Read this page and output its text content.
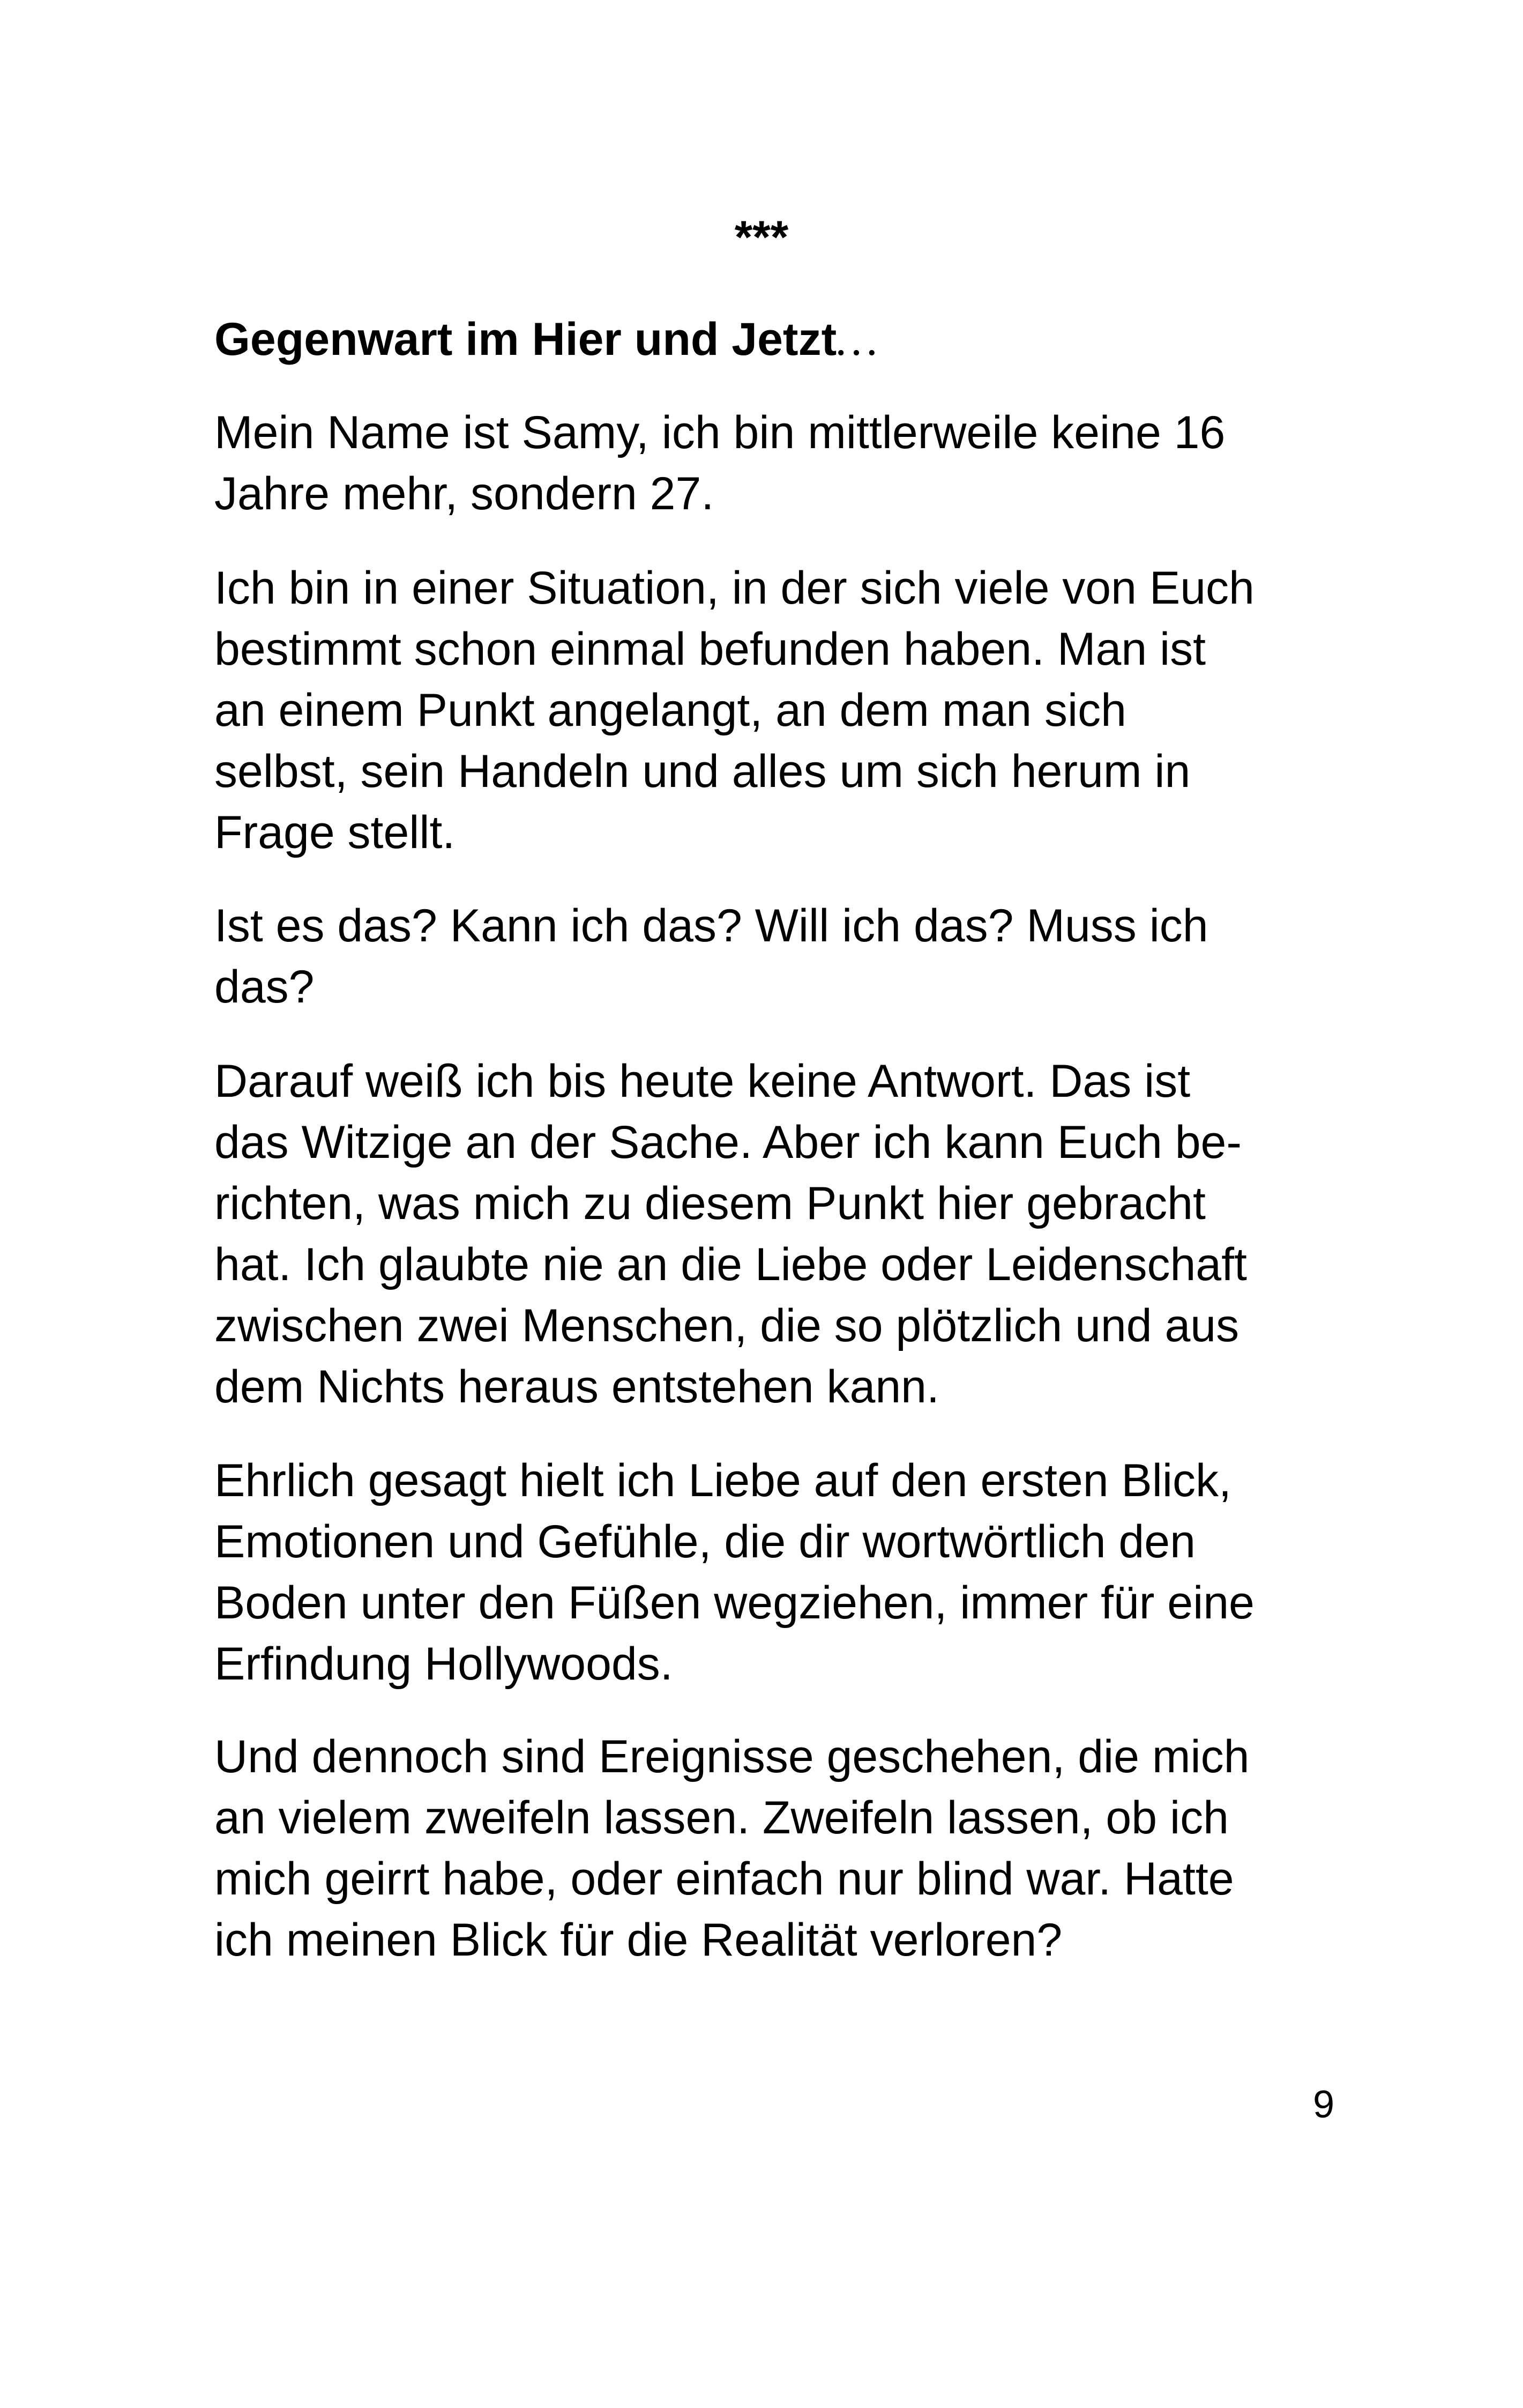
***
Gegenwart im Hier und Jetzt…
Mein Name ist Samy, ich bin mittlerweile keine 16
Jahre mehr, sondern 27.
Ich bin in einer Situation, in der sich viele von Euch
bestimmt schon einmal befunden haben. Man ist
an einem Punkt angelangt, an dem man sich
selbst, sein Handeln und alles um sich herum in
Frage stellt.
Ist es das? Kann ich das? Will ich das? Muss ich
das?
Darauf weiß ich bis heute keine Antwort. Das ist
das Witzige an der Sache. Aber ich kann Euch be-
richten, was mich zu diesem Punkt hier gebracht
hat. Ich glaubte nie an die Liebe oder Leidenschaft
zwischen zwei Menschen, die so plötzlich und aus
dem Nichts heraus entstehen kann.
Ehrlich gesagt hielt ich Liebe auf den ersten Blick,
Emotionen und Gefühle, die dir wortwörtlich den
Boden unter den Füßen wegziehen, immer für eine
Erfindung Hollywoods.
Und dennoch sind Ereignisse geschehen, die mich
an vielem zweifeln lassen. Zweifeln lassen, ob ich
mich geirrt habe, oder einfach nur blind war. Hatte
ich meinen Blick für die Realität verloren?
9
